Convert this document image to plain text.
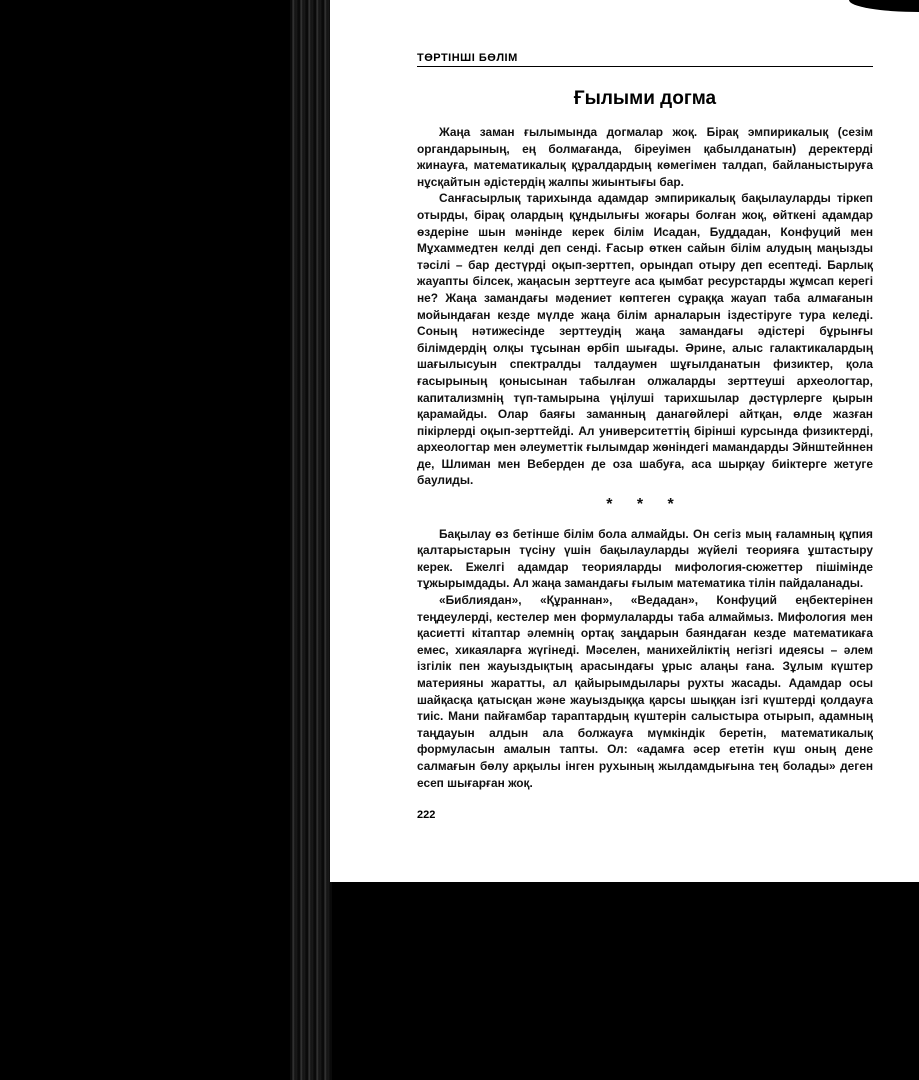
ТӨРТІНШІ БӨЛІМ
Ғылыми догма

Жаңа заман ғылымында догмалар жоқ. Бірақ эмпирикалық (сезім органдарының, ең болмағанда, біреуімен қабылданатын) деректерді жинауға, математикалық құралдардың көмегімен талдап, байланыстыруға нұсқайтын әдістердің жалпы жиынтығы бар.

Санғасырлық тарихында адамдар эмпирикалық бақылауларды тіркеп отырды, бірақ олардың құндылығы жоғары болған жоқ, өйткені адамдар өздеріне шын мәнінде керек білім Исадан, Буддадан, Конфуций мен Мұхаммедтен келді деп сенді. Ғасыр өткен сайын білім алудың маңызды тәсілі – бар дестүрді оқып-зерттеп, орындап отыру деп есептеді. Барлық жауапты білсек, жаңасын зерттеуге аса қымбат ресурстарды жұмсап керегі не? Жаңа замандағы мәдениет көптеген сұраққа жауап таба алмағанын мойындаған кезде мүлде жаңа білім арналарын іздестіруге тура келеді. Соның нәтижесінде зерттеудің жаңа замандағы әдістері бұрынғы білімдердің олқы тұсынан өрбіп шығады. Әрине, алыс галактикалардың шағылысуын спектралды талдаумен шұғылданатын физиктер, қола ғасырының қонысынан табылған олжаларды зерттеуші археологтар, капитализмнің түп-тамырына үңілуші тарихшылар дәстүрлерге қырын қарамайды. Олар баяғы заманның данагөйлері айтқан, өлде жазған пікірлерді оқып-зерттейді. Ал университеттің бірінші курсында физиктерді, археологтар мен әлеуметтік ғылымдар жөніндегі мамандарды Эйнштейннен де, Шлиман мен Веберден де оза шабуға, аса шырқау биіктерге жетуге баулиды.

* * *

Бақылау өз бетінше білім бола алмайды. Он сегіз мың ғаламның құпия қалтарыстарын түсіну үшін бақылауларды жүйелі теорияға ұштастыру керек. Ежелгі адамдар теорияларды мифология-сюжеттер пішімінде тұжырымдады. Ал жаңа замандағы ғылым математика тілін пайдаланады.

«Библиядан», «Құраннан», «Ведадан», Конфуций еңбектерінен теңдеулерді, кестелер мен формулаларды таба алмаймыз. Мифология мен қасиетті кітаптар әлемнің ортақ заңдарын баяндаған кезде математикаға емес, хикаяларға жүгінеді. Мәселен, манихейліктің негізгі идеясы – әлем ізгілік пен жауыздықтың арасындағы ұрыс алаңы ғана. Зұлым күштер материяны жаратты, ал қайырымдылары рухты жасады. Адамдар осы шайқасқа қатысқан және жауыздыққа қарсы шыққан ізгі күштерді қолдауға тиіс. Мани пайғамбар тараптардың күштерін салыстыра отырып, адамның таңдауын алдын ала болжауға мүмкіндік беретін, математикалық формуласын амалын тапты. Ол: «адамға әсер ететін күш оның дене салмағын бөлу арқылы інген рухының жылдамдығына тең болады» деген есеп шығарған жоқ.

222
